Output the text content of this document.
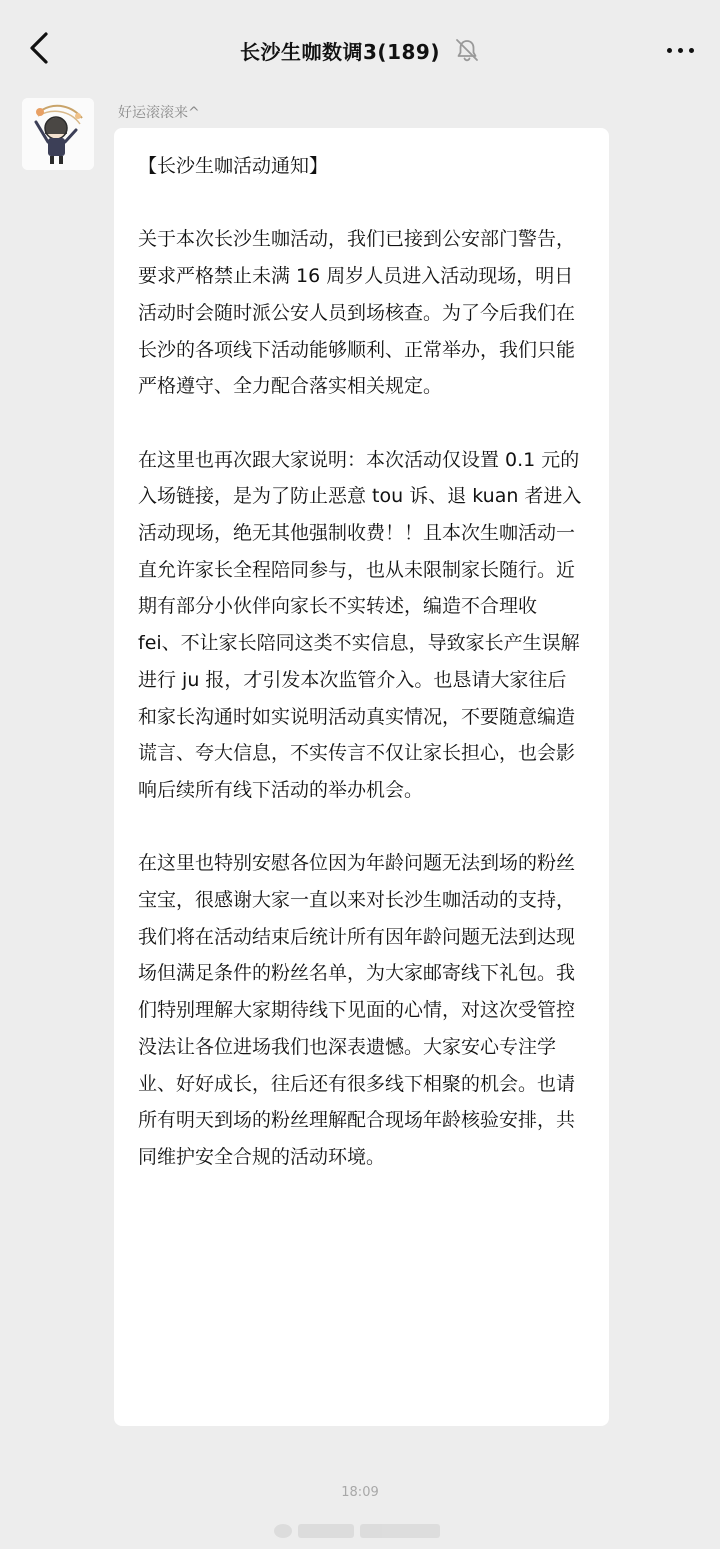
长沙生咖数调3(189)
好运滚滚来^

【长沙生咖活动通知】

关于本次长沙生咖活动，我们已接到公安部门警告，要求严格禁止未满 16 周岁人员进入活动现场，明日活动时会随时派公安人员到场核查。为了今后我们在长沙的各项线下活动能够顺利、正常举办，我们只能严格遵守、全力配合落实相关规定。

在这里也再次跟大家说明：本次活动仅设置 0.1 元的入场链接，是为了防止恶意 tou 诉、退 kuan 者进入活动现场，绝无其他强制收费！！且本次生咖活动一直允许家长全程陪同参与，也从未限制家长随行。近期有部分小伙伴向家长不实转述，编造不合理收 fei、不让家长陪同这类不实信息，导致家长产生误解进行 ju 报，才引发本次监管介入。也恳请大家往后和家长沟通时如实说明活动真实情况，不要随意编造谎言、夸大信息，不实传言不仅让家长担心，也会影响后续所有线下活动的举办机会。

在这里也特别安慰各位因为年龄问题无法到场的粉丝宝宝，很感谢大家一直以来对长沙生咖活动的支持，我们将在活动结束后统计所有因年龄问题无法到达现场但满足条件的粉丝名单，为大家邮寄线下礼包。我们特别理解大家期待线下见面的心情，对这次受管控没法让各位进场我们也深表遗憾。大家安心专注学业、好好成长，往后还有很多线下相聚的机会。也请所有明天到场的粉丝理解配合现场年龄核验安排，共同维护安全合规的活动环境。

18:09
